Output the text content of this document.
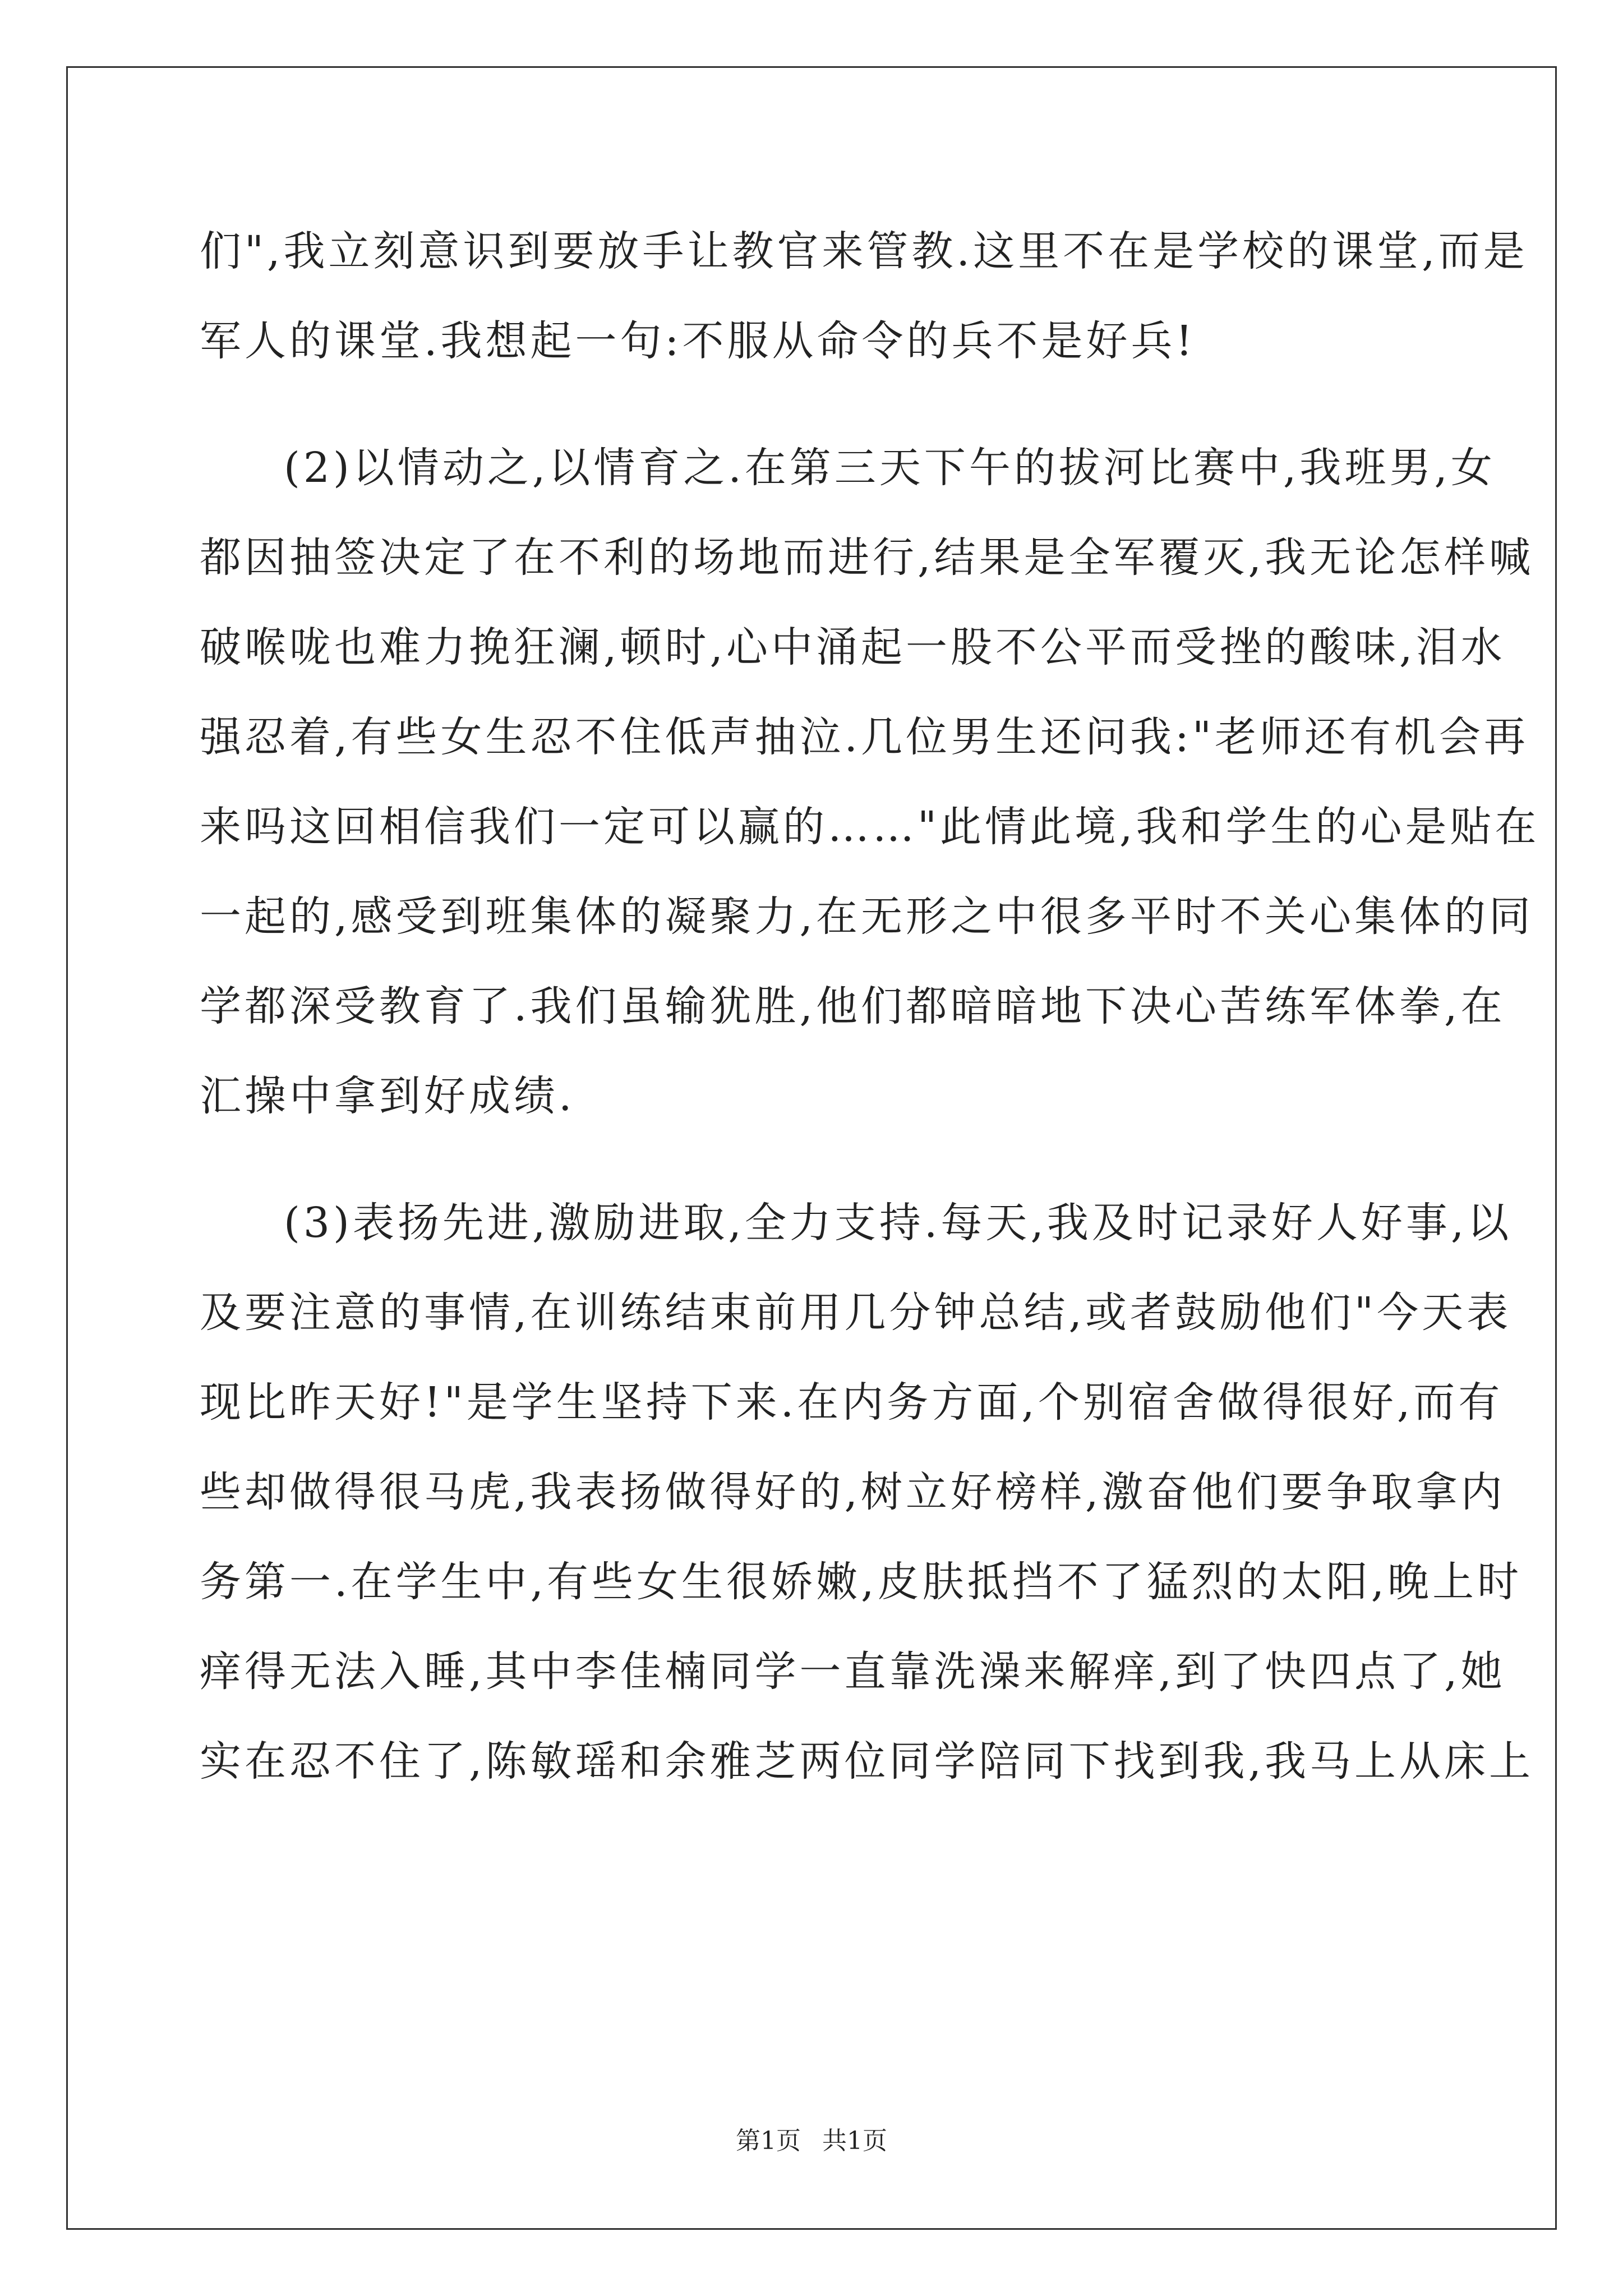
们",我立刻意识到要放手让教官来管教.这里不在是学校的课堂,而是
军人的课堂.我想起一句:不服从命令的兵不是好兵!
(2)以情动之,以情育之.在第三天下午的拔河比赛中,我班男,女
都因抽签决定了在不利的场地而进行,结果是全军覆灭,我无论怎样喊
破喉咙也难力挽狂澜,顿时,心中涌起一股不公平而受挫的酸味,泪水
强忍着,有些女生忍不住低声抽泣.几位男生还问我:"老师还有机会再
来吗这回相信我们一定可以赢的……"此情此境,我和学生的心是贴在
一起的,感受到班集体的凝聚力,在无形之中很多平时不关心集体的同
学都深受教育了.我们虽输犹胜,他们都暗暗地下决心苦练军体拳,在
汇操中拿到好成绩.
(3)表扬先进,激励进取,全力支持.每天,我及时记录好人好事,以
及要注意的事情,在训练结束前用几分钟总结,或者鼓励他们"今天表
现比昨天好!"是学生坚持下来.在内务方面,个别宿舍做得很好,而有
些却做得很马虎,我表扬做得好的,树立好榜样,激奋他们要争取拿内
务第一.在学生中,有些女生很娇嫩,皮肤抵挡不了猛烈的太阳,晚上时
痒得无法入睡,其中李佳楠同学一直靠洗澡来解痒,到了快四点了,她
实在忍不住了,陈敏瑶和余雅芝两位同学陪同下找到我,我马上从床上
第1页 共1页
